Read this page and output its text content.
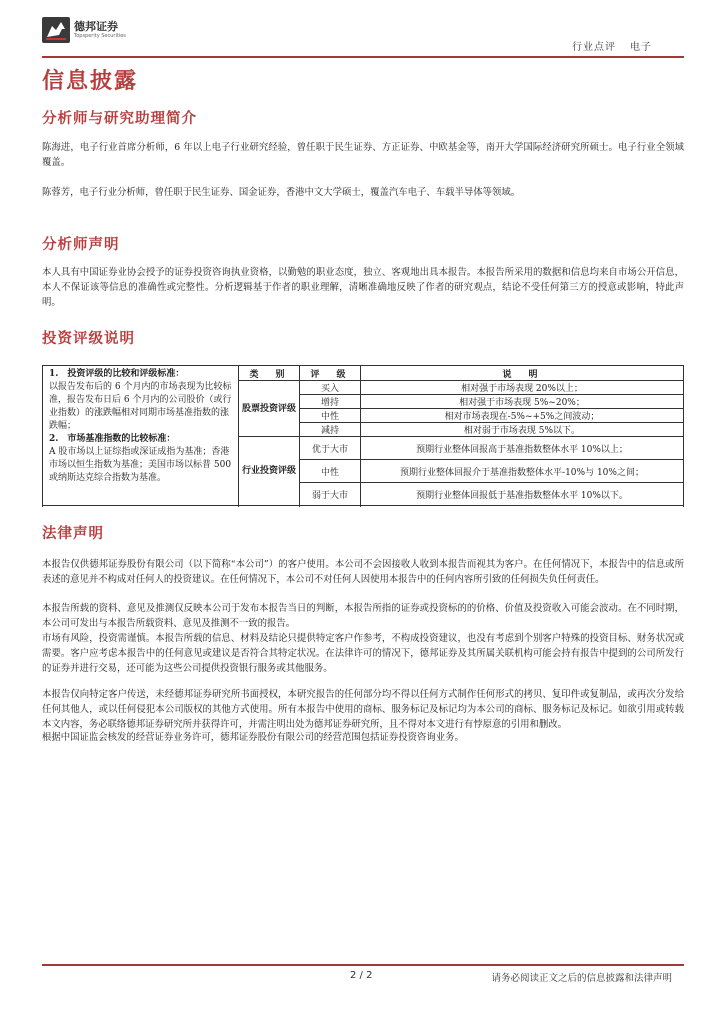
德邦证券
Topsperity Securities
行业点评 电子
信息披露
分析师与研究助理简介
陈海进，电子行业首席分析师，6 年以上电子行业研究经验，曾任职于民生证券、方正证券、中欧基金等，南开大学国际经济研究所硕士。电子行业全领域覆盖。
陈蓉芳，电子行业分析师，曾任职于民生证券、国金证券，香港中文大学硕士，覆盖汽车电子、车载半导体等领域。
分析师声明
本人具有中国证券业协会授予的证券投资咨询执业资格，以勤勉的职业态度，独立、客观地出具本报告。本报告所采用的数据和信息均来自市场公开信息，本人不保证该等信息的准确性或完整性。分析逻辑基于作者的职业理解，清晰准确地反映了作者的研究观点，结论不受任何第三方的授意或影响，特此声明。
投资评级说明
1.　投资评级的比较和评级标准：
以报告发布后的 6 个月内的市场表现为比较标准，报告发布日后 6 个月内的公司股价（或行业指数）的涨跌幅相对同期市场基准指数的涨跌幅；
2.　市场基准指数的比较标准：
A 股市场以上证综指或深证成指为基准；香港市场以恒生指数为基准；美国市场以标普 500 或纳斯达克综合指数为基准。	类　别	评　级	说　明
	股票投资评级	买入	相对强于市场表现 20%以上；
		增持	相对强于市场表现 5%~20%；
		中性	相对市场表现在-5%~+5%之间波动；
		减持	相对弱于市场表现 5%以下。
	行业投资评级	优于大市	预期行业整体回报高于基准指数整体水平 10%以上；
		中性	预期行业整体回报介于基准指数整体水平-10%与 10%之间；
		弱于大市	预期行业整体回报低于基准指数整体水平 10%以下。

法律声明
本报告仅供德邦证券股份有限公司（以下简称“本公司”）的客户使用。本公司不会因接收人收到本报告而视其为客户。在任何情况下，本报告中的信息或所表述的意见并不构成对任何人的投资建议。在任何情况下，本公司不对任何人因使用本报告中的任何内容所引致的任何损失负任何责任。
本报告所载的资料、意见及推测仅反映本公司于发布本报告当日的判断，本报告所指的证券或投资标的的价格、价值及投资收入可能会波动。在不同时期，本公司可发出与本报告所载资料、意见及推测不一致的报告。
市场有风险，投资需谨慎。本报告所载的信息、材料及结论只提供特定客户作参考，不构成投资建议，也没有考虑到个别客户特殊的投资目标、财务状况或需要。客户应考虑本报告中的任何意见或建议是否符合其特定状况。在法律许可的情况下，德邦证券及其所属关联机构可能会持有报告中提到的公司所发行的证券并进行交易，还可能为这些公司提供投资银行服务或其他服务。
本报告仅向特定客户传送，未经德邦证券研究所书面授权，本研究报告的任何部分均不得以任何方式制作任何形式的拷贝、复印件或复制品，或再次分发给任何其他人，或以任何侵犯本公司版权的其他方式使用。所有本报告中使用的商标、服务标记及标记均为本公司的商标、服务标记及标记。如欲引用或转载本文内容，务必联络德邦证券研究所并获得许可，并需注明出处为德邦证券研究所，且不得对本文进行有悖原意的引用和删改。
根据中国证监会核发的经营证券业务许可，德邦证券股份有限公司的经营范围包括证券投资咨询业务。
2 / 2	请务必阅读正文之后的信息披露和法律声明
